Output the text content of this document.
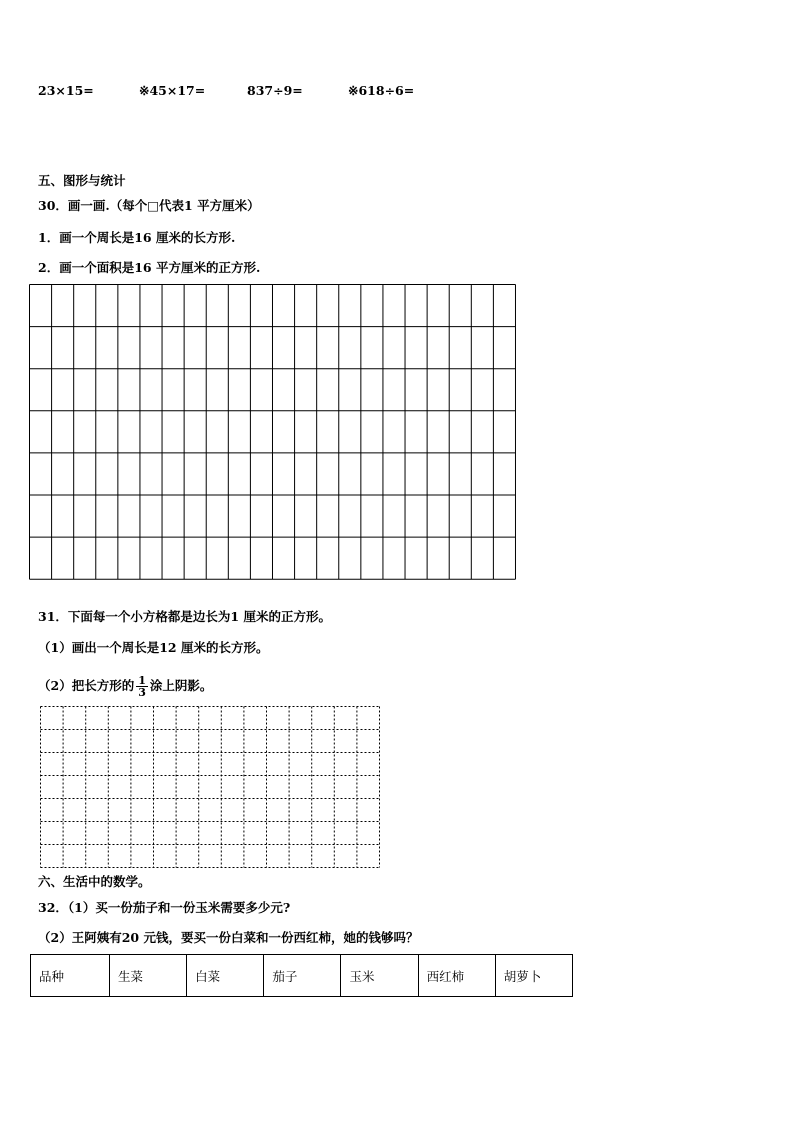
23×15=	※45×17=	837÷9=	※618÷6=
五、图形与统计
30．画一画.（每个□代表1 平方厘米）
1．画一个周长是16 厘米的长方形.
2．画一个面积是16 平方厘米的正方形.
31．下面每一个小方格都是边长为1 厘米的正方形。
（1）画出一个周长是12 厘米的长方形。
（2）把长方形的 $\frac{1}{3}$ 涂上阴影。
六、生活中的数学。
32．（1）买一份茄子和一份玉米需要多少元?
（2）王阿姨有20 元钱，要买一份白菜和一份西红柿，她的钱够吗？
品种	生菜	白菜	茄子	玉米	西红柿	胡萝卜
